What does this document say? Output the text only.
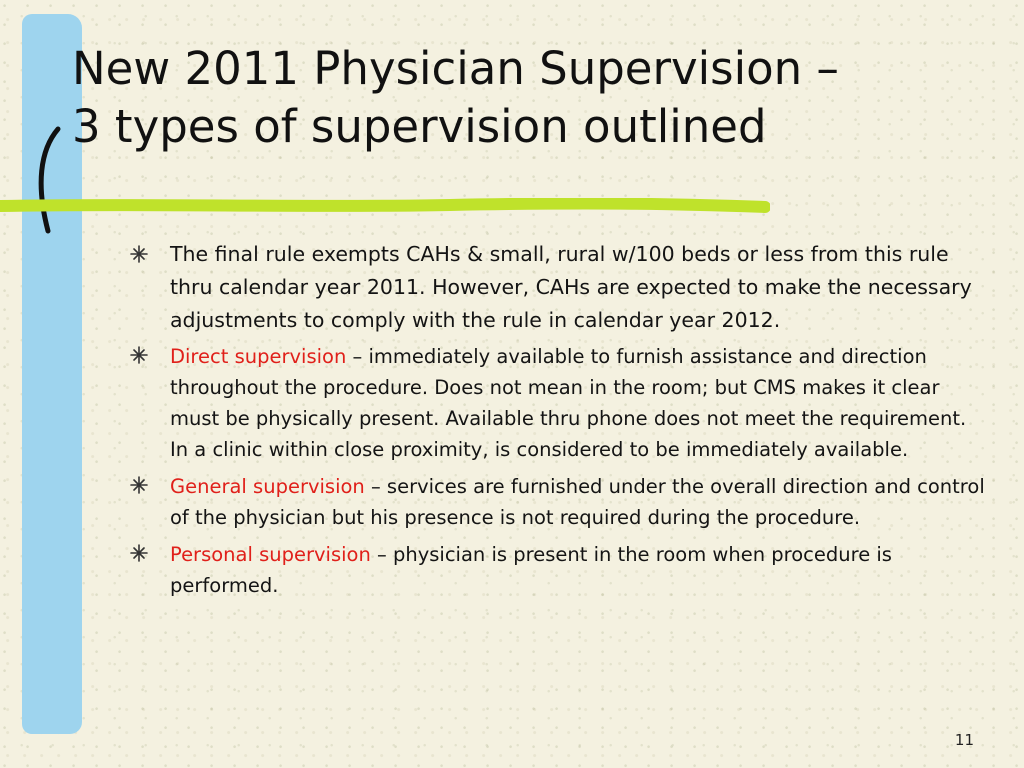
New 2011 Physician Supervision –
3 types of supervision outlined
The final rule exempts CAHs & small, rural w/100 beds or less from this rule thru calendar year 2011. However, CAHs are expected to make the necessary adjustments to comply with the rule in calendar year 2012.
Direct supervision – immediately available to furnish assistance and direction throughout the procedure. Does not mean in the room; but CMS makes it clear must be physically present. Available thru phone does not meet the requirement. In a clinic within close proximity, is considered to be immediately available.
General supervision – services are furnished under the overall direction and control of the physician but his presence is not required during the procedure.
Personal supervision – physician is present in the room when procedure is performed.
11
